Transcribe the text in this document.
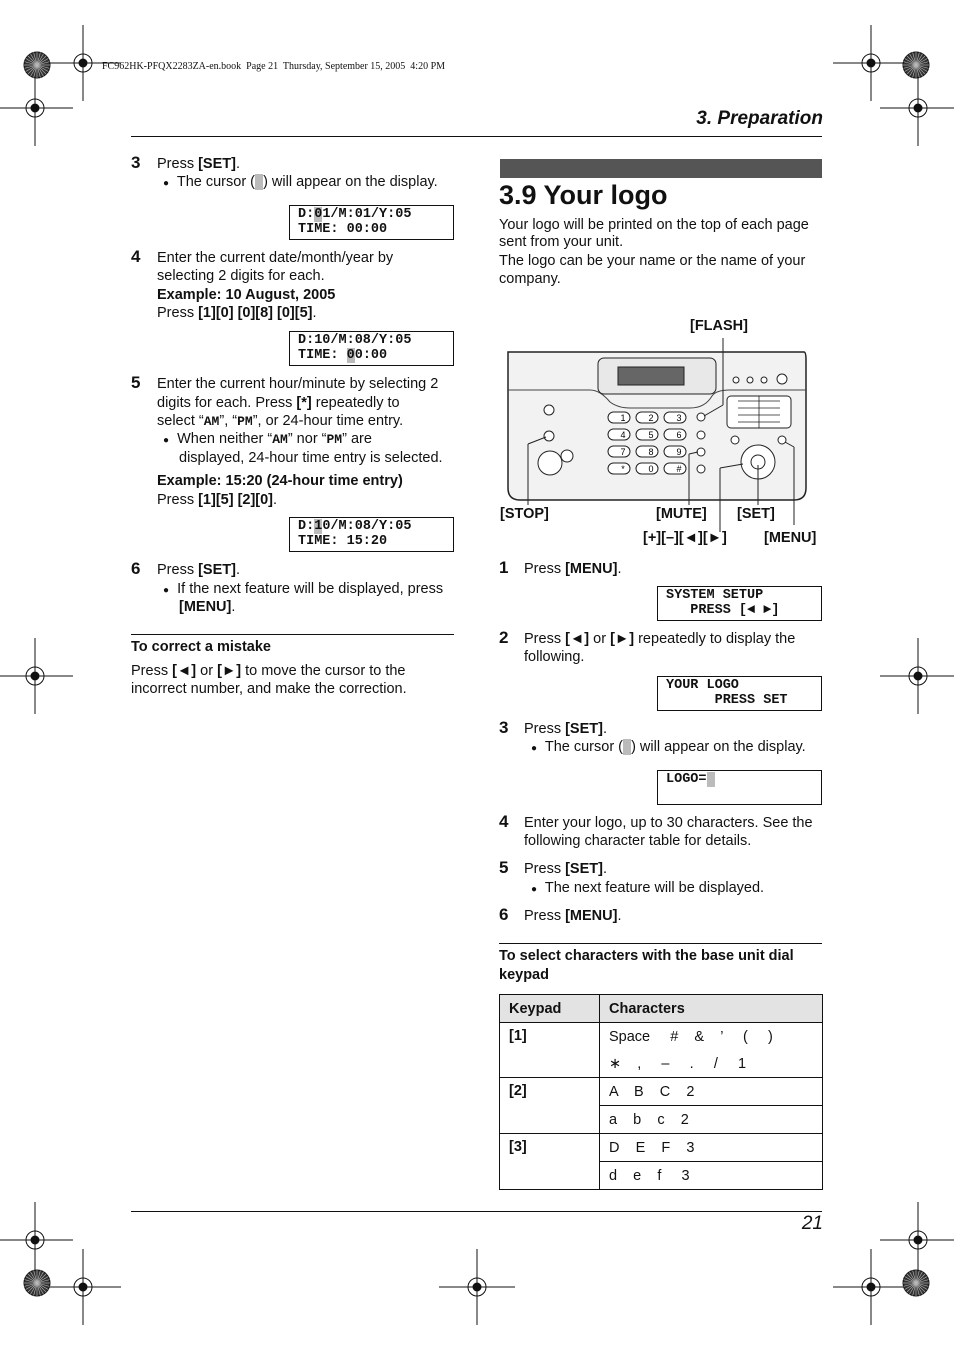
FC962HK-PFQX2283ZA-en.book  Page 21  Thursday, September 15, 2005  4:20 PM
3. Preparation
3 Press [SET].
● The cursor ( ) will appear on the display.
D:01/M:01/Y:05
TIME: 00:00
4 Enter the current date/month/year by
selecting 2 digits for each.
Example: 10 August, 2005
Press [1][0] [0][8] [0][5].
D:10/M:08/Y:05
TIME: 00:00
5 Enter the current hour/minute by selecting 2
digits for each. Press [*] repeatedly to
select “AM”, “PM”, or 24-hour time entry.
● When neither “AM” nor “PM” are
displayed, 24-hour time entry is selected.
Example: 15:20 (24-hour time entry)
Press [1][5] [2][0].
D:10/M:08/Y:05
TIME: 15:20
6 Press [SET].
● If the next feature will be displayed, press
[MENU].
To correct a mistake
Press [◄] or [►] to move the cursor to the
incorrect number, and make the correction.
3.9 Your logo
Your logo will be printed on the top of each page
sent from your unit.
The logo can be your name or the name of your
company.
1	2	3
4	5	6
7	8	9
*	0	#
[FLASH]
[STOP]	[MUTE] [SET]
[+][–][◄][►]	[MENU]
1 Press [MENU].
SYSTEM SETUP
PRESS [◄ ►]
2 Press [◄] or [►] repeatedly to display the
following.
YOUR LOGO
PRESS SET
3 Press [SET].
● The cursor ( ) will appear on the display.
LOGO=
4 Enter your logo, up to 30 characters. See the
following character table for details.
5 Press [SET].
● The next feature will be displayed.
6 Press [MENU].
To select characters with the base unit dial
keypad
Keypad	Characters
[1]	Space     #    &    ’     (     )
	∗    ,     –     .     /     1
[2]	A    B    C    2
	a    b    c    2
[3]	D    E    F    3
	d    e    f     3
21
